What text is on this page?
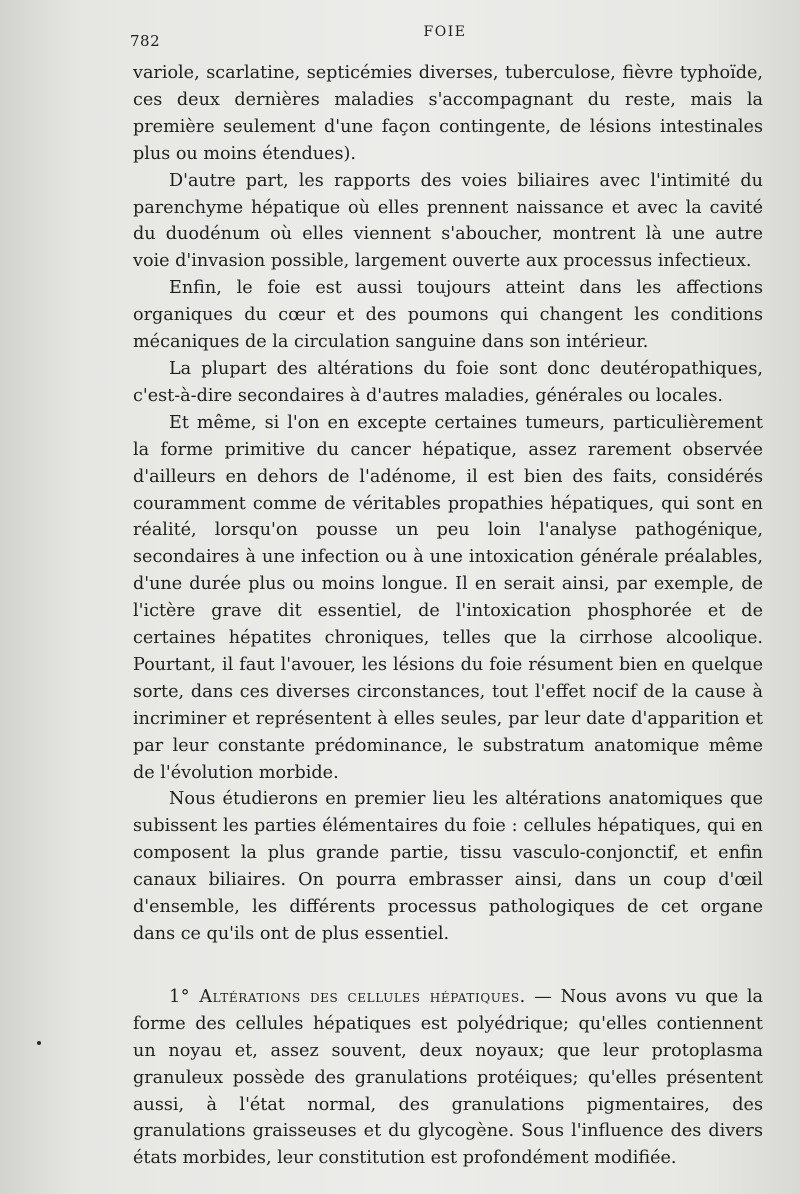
782	FOIE

variole, scarlatine, septicémies diverses, tuberculose, fièvre typhoïde, ces deux dernières maladies s'accompagnant du reste, mais la première seulement d'une façon contingente, de lésions intestinales plus ou moins étendues).

D'autre part, les rapports des voies biliaires avec l'intimité du parenchyme hépatique où elles prennent naissance et avec la cavité du duodénum où elles viennent s'aboucher, montrent là une autre voie d'invasion possible, largement ouverte aux processus infectieux.

Enfin, le foie est aussi toujours atteint dans les affections organiques du cœur et des poumons qui changent les conditions mécaniques de la circulation sanguine dans son intérieur.

La plupart des altérations du foie sont donc deutéropathiques, c'est-à-dire secondaires à d'autres maladies, générales ou locales.

Et même, si l'on en excepte certaines tumeurs, particulièrement la forme primitive du cancer hépatique, assez rarement observée d'ailleurs en dehors de l'adénome, il est bien des faits, considérés couramment comme de véritables propathies hépatiques, qui sont en réalité, lorsqu'on pousse un peu loin l'analyse pathogénique, secondaires à une infection ou à une intoxication générale préalables, d'une durée plus ou moins longue. Il en serait ainsi, par exemple, de l'ictère grave dit essentiel, de l'intoxication phosphorée et de certaines hépatites chroniques, telles que la cirrhose alcoolique. Pourtant, il faut l'avouer, les lésions du foie résument bien en quelque sorte, dans ces diverses circonstances, tout l'effet nocif de la cause à incriminer et représentent à elles seules, par leur date d'apparition et par leur constante prédominance, le substratum anatomique même de l'évolution morbide.

Nous étudierons en premier lieu les altérations anatomiques que subissent les parties élémentaires du foie : cellules hépatiques, qui en composent la plus grande partie, tissu vasculo-conjonctif, et enfin canaux biliaires. On pourra embrasser ainsi, dans un coup d'œil d'ensemble, les différents processus pathologiques de cet organe dans ce qu'ils ont de plus essentiel.

1° Altérations des cellules hépatiques. — Nous avons vu que la forme des cellules hépatiques est polyédrique; qu'elles contiennent un noyau et, assez souvent, deux noyaux; que leur protoplasma granuleux possède des granulations protéiques; qu'elles présentent aussi, à l'état normal, des granulations pigmentaires, des granulations graisseuses et du glycogène. Sous l'influence des divers états morbides, leur constitution est profondément modifiée.
